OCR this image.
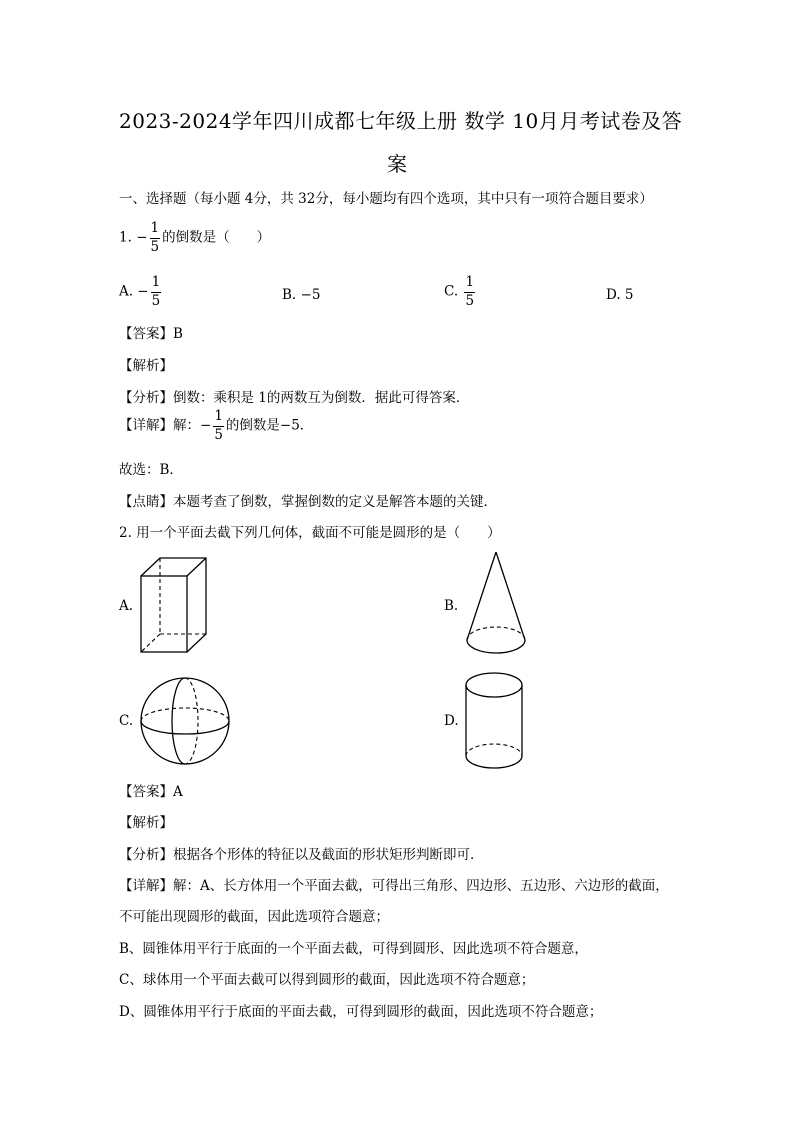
2023-2024学年四川成都七年级上册 数学 10月月考试卷及答
案
一、选择题（每小题 4分，共 32分，每小题均有四个选项，其中只有一项符合题目要求）
1. − $\frac{1}{5}$ 的倒数是（　　）
A. − $\frac{1}{5}$	B. −5	C. $\frac{1}{5}$	D. 5
【答案】B
【解析】
【分析】倒数：乘积是 1的两数互为倒数．据此可得答案．
【详解】解：− $\frac{1}{5}$ 的倒数是−5．
故选：B．
【点睛】本题考查了倒数，掌握倒数的定义是解答本题的关键．
2. 用一个平面去截下列几何体，截面不可能是圆形的是（　　）
A.	B.
C.	D.
【答案】A
【解析】
【分析】根据各个形体的特征以及截面的形状矩形判断即可．
【详解】解：A、长方体用一个平面去截，可得出三角形、四边形、五边形、六边形的截面，
不可能出现圆形的截面，因此选项符合题意；
B、圆锥体用平行于底面的一个平面去截，可得到圆形、因此选项不符合题意，
C、球体用一个平面去截可以得到圆形的截面，因此选项不符合题意；
D、圆锥体用平行于底面的平面去截，可得到圆形的截面，因此选项不符合题意；
